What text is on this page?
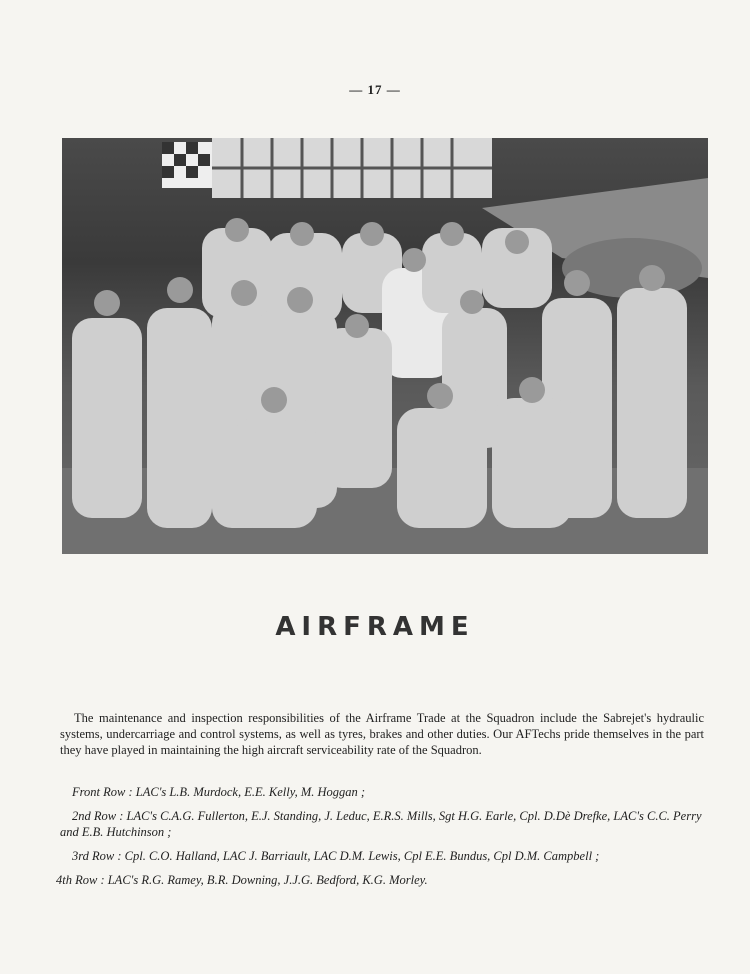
— 17 —
AIRFRAME
The maintenance and inspection responsibilities of the Airframe Trade at the Squadron include the Sabrejet's hydraulic systems, undercarriage and control systems, as well as tyres, brakes and other duties. Our AFTechs pride themselves in the part they have played in maintaining the high aircraft serviceability rate of the Squadron.
Front Row : LAC's L.B. Murdock, E.E. Kelly, M. Hoggan ;
2nd Row : LAC's C.A.G. Fullerton, E.J. Standing, J. Leduc, E.R.S. Mills, Sgt H.G. Earle, Cpl. D.Dè Drefke, LAC's C.C. Perry and E.B. Hutchinson ;
3rd Row : Cpl. C.O. Halland, LAC J. Barriault, LAC D.M. Lewis, Cpl E.E. Bundus, Cpl D.M. Campbell ;
4th Row : LAC's R.G. Ramey, B.R. Downing, J.J.G. Bedford, K.G. Morley.
